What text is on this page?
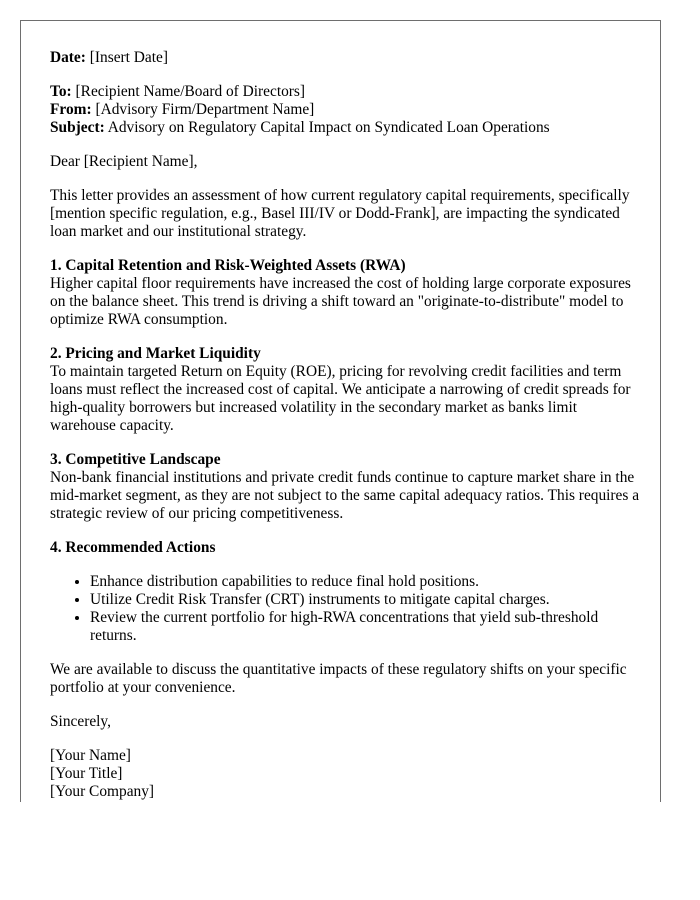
Date: [Insert Date]

To: [Recipient Name/Board of Directors]

From: [Advisory Firm/Department Name]

Subject: Advisory on Regulatory Capital Impact on Syndicated Loan Operations

Dear [Recipient Name],

This letter provides an assessment of how current regulatory capital requirements, specifically [mention specific regulation, e.g., Basel III/IV or Dodd-Frank], are impacting the syndicated loan market and our institutional strategy.

1. Capital Retention and Risk-Weighted Assets (RWA)

Higher capital floor requirements have increased the cost of holding large corporate exposures on the balance sheet. This trend is driving a shift toward an "originate-to-distribute" model to optimize RWA consumption.

2. Pricing and Market Liquidity

To maintain targeted Return on Equity (ROE), pricing for revolving credit facilities and term loans must reflect the increased cost of capital. We anticipate a narrowing of credit spreads for high-quality borrowers but increased volatility in the secondary market as banks limit warehouse capacity.

3. Competitive Landscape

Non-bank financial institutions and private credit funds continue to capture market share in the mid-market segment, as they are not subject to the same capital adequacy ratios. This requires a strategic review of our pricing competitiveness.

4. Recommended Actions
• Enhance distribution capabilities to reduce final hold positions.
• Utilize Credit Risk Transfer (CRT) instruments to mitigate capital charges.
• Review the current portfolio for high-RWA concentrations that yield sub-threshold returns.

We are available to discuss the quantitative impacts of these regulatory shifts on your specific portfolio at your convenience.

Sincerely,

[Your Name]

[Your Title]

[Your Company]
